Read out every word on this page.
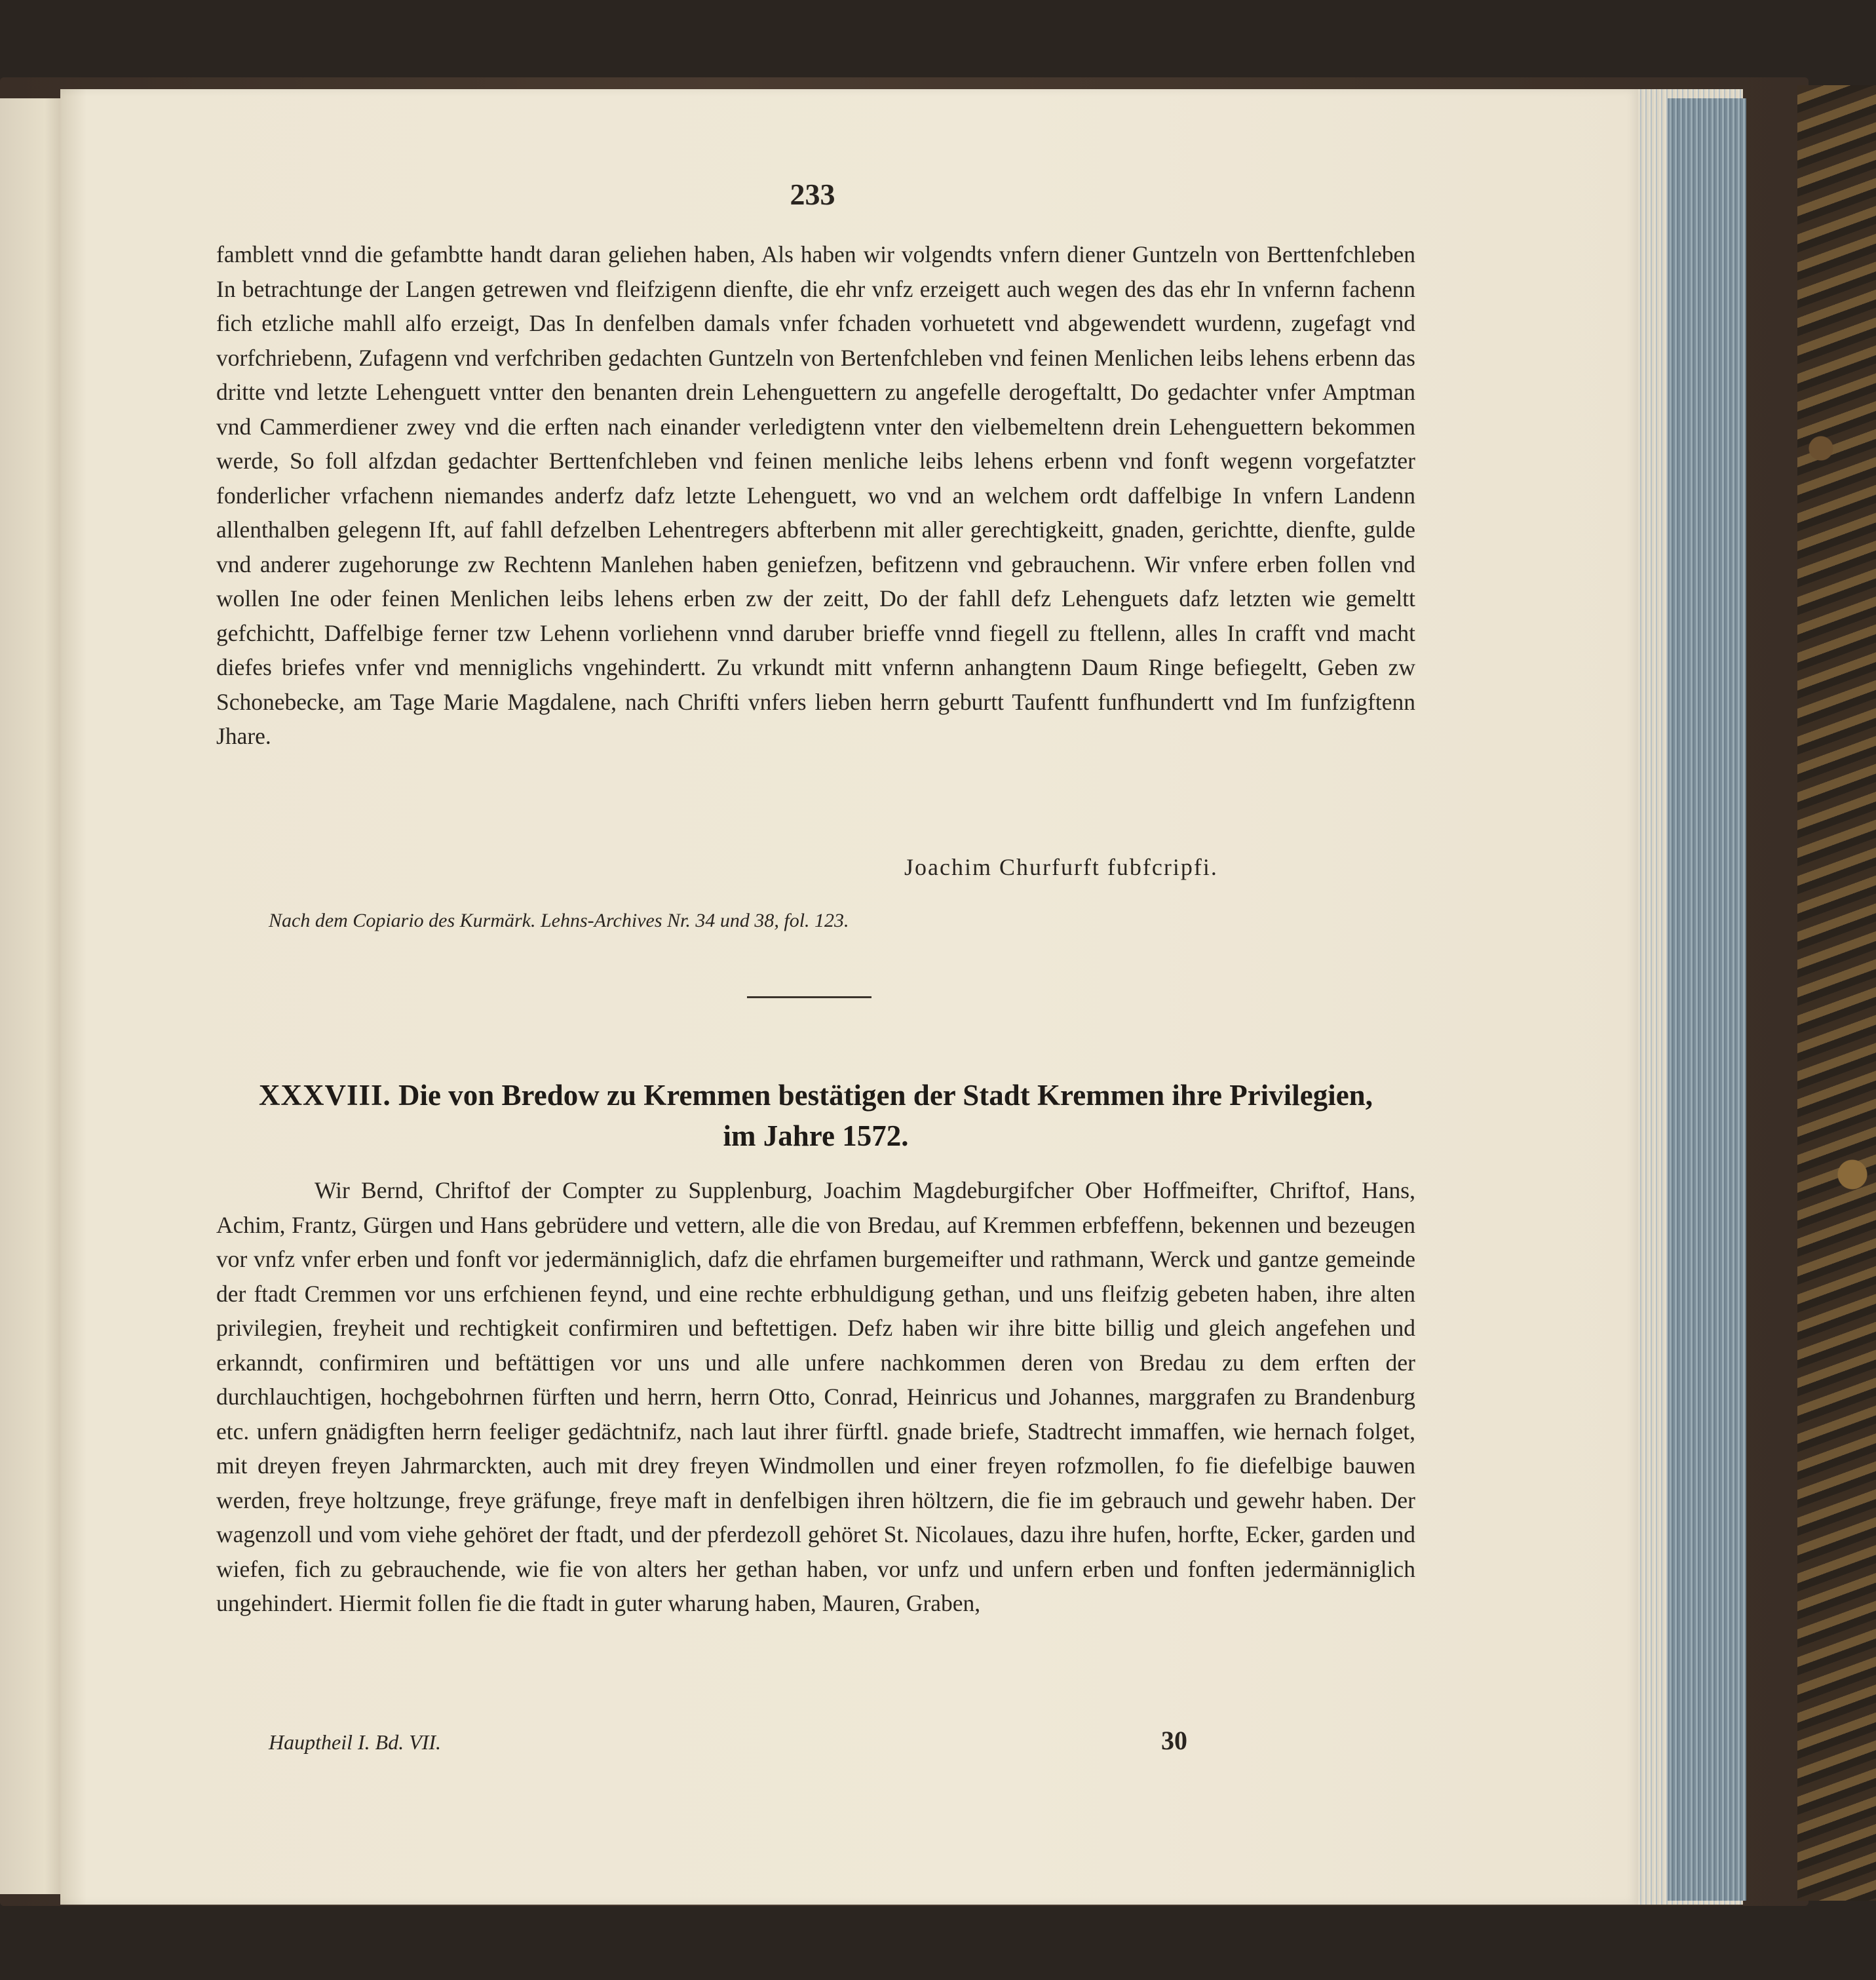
233

famblett vnnd die gefambtte handt daran geliehen haben, Als haben wir volgendts vnfern diener Guntzeln von Berttenfchleben In betrachtunge der Langen getrewen vnd fleifzigenn dienfte, die ehr vnfz erzeigett auch wegen des das ehr In vnfernn fachenn fich etzliche mahll alfo erzeigt, Das In denfelben damals vnfer fchaden vorhuetett vnd abgewendett wurdenn, zugefagt vnd vorfchriebenn, Zufagenn vnd verfchriben gedachten Guntzeln von Bertenfchleben vnd feinen Menlichen leibs lehens erbenn das dritte vnd letzte Lehenguett vntter den benanten drein Lehenguettern zu angefelle derogeftaltt, Do gedachter vnfer Amptman vnd Cammerdiener zwey vnd die erften nach einander verledigtenn vnter den vielbemeltenn drein Lehenguettern bekommen werde, So foll alfzdan gedachter Berttenfchleben vnd feinen menliche leibs lehens erbenn vnd fonft wegenn vorgefatzter fonderlicher vrfachenn niemandes anderfz dafz letzte Lehenguett, wo vnd an welchem ordt daffelbige In vnfern Landenn allenthalben gelegenn Ift, auf fahll defzelben Lehentregers abfterbenn mit aller gerechtigkeitt, gnaden, gerichtte, dienfte, gulde vnd anderer zugehorunge zw Rechtenn Manlehen haben geniefzen, befitzenn vnd gebrauchenn. Wir vnfere erben follen vnd wollen Ine oder feinen Menlichen leibs lehens erben zw der zeitt, Do der fahll defz Lehenguets dafz letzten wie gemeltt gefchichtt, Daffelbige ferner tzw Lehenn vorliehenn vnnd daruber brieffe vnnd fiegell zu ftellenn, alles In crafft vnd macht diefes briefes vnfer vnd menniglichs vngehindertt. Zu vrkundt mitt vnfernn anhangtenn Daum Ringe befiegeltt, Geben zw Schonebecke, am Tage Marie Magdalene, nach Chrifti vnfers lieben herrn geburtt Taufentt funfhundertt vnd Im funfzigftenn Jhare.

Joachim Churfurft fubfcripfi.
Nach dem Copiario des Kurmärk. Lehns-Archives Nr. 34 und 38, fol. 123.
XXXVIII. Die von Bredow zu Kremmen bestätigen der Stadt Kremmen ihre Privilegien,
im Jahre 1572.

Wir Bernd, Chriftof der Compter zu Supplenburg, Joachim Magdeburgifcher Ober Hoffmeifter, Chriftof, Hans, Achim, Frantz, Gürgen und Hans gebrüdere und vettern, alle die von Bredau, auf Kremmen erbfeffenn, bekennen und bezeugen vor vnfz vnfer erben und fonft vor jedermänniglich, dafz die ehrfamen burgemeifter und rathmann, Werck und gantze gemeinde der ftadt Cremmen vor uns erfchienen feynd, und eine rechte erbhuldigung gethan, und uns fleifzig gebeten haben, ihre alten privilegien, freyheit und rechtigkeit confirmiren und beftettigen. Defz haben wir ihre bitte billig und gleich angefehen und erkanndt, confirmiren und beftättigen vor uns und alle unfere nachkommen deren von Bredau zu dem erften der durchlauchtigen, hochgebohrnen fürften und herrn, herrn Otto, Conrad, Heinricus und Johannes, marggrafen zu Brandenburg etc. unfern gnädigften herrn feeliger gedächtnifz, nach laut ihrer fürftl. gnade briefe, Stadtrecht immaffen, wie hernach folget, mit dreyen freyen Jahrmarckten, auch mit drey freyen Windmollen und einer freyen rofzmollen, fo fie diefelbige bauwen werden, freye holtzunge, freye gräfunge, freye maft in denfelbigen ihren höltzern, die fie im gebrauch und gewehr haben. Der wagenzoll und vom viehe gehöret der ftadt, und der pferdezoll gehöret St. Nicolaues, dazu ihre hufen, horfte, Ecker, garden und wiefen, fich zu gebrauchende, wie fie von alters her gethan haben, vor unfz und unfern erben und fonften jedermänniglich ungehindert. Hiermit follen fie die ftadt in guter wharung haben, Mauren, Graben,

Hauptheil I. Bd. VII.	30
